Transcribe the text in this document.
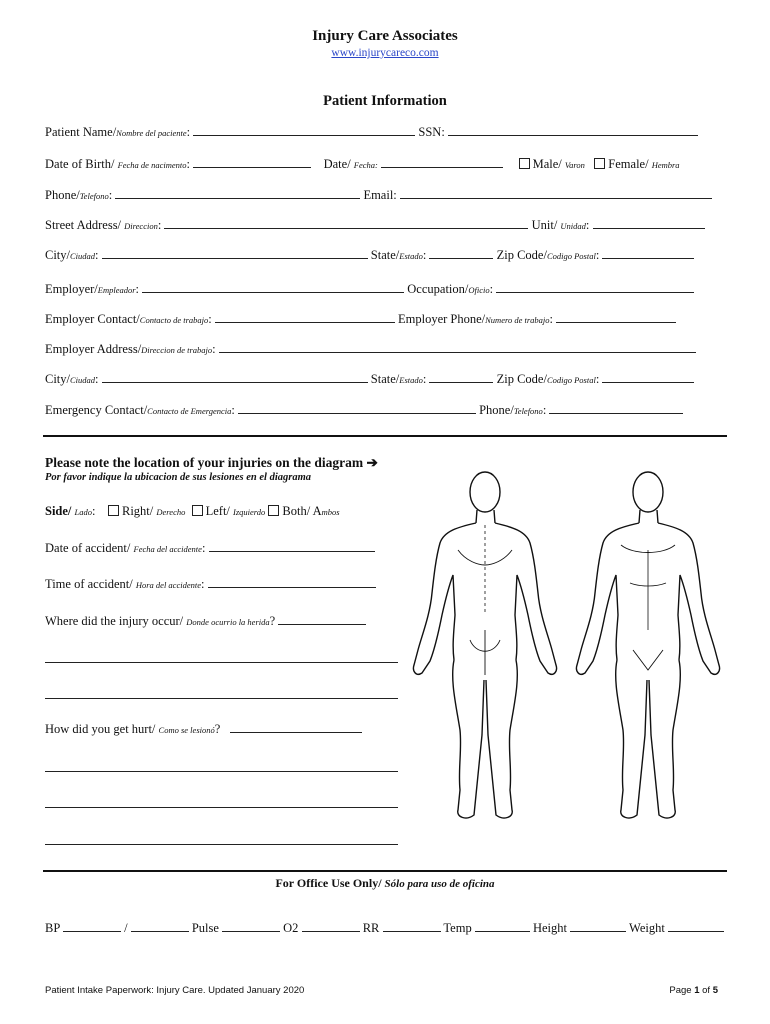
Injury Care Associates
www.injurycareco.com
Patient Information
Patient Name/Nombre del paciente:	SSN:
Date of Birth/ Fecha de nacimento:	Date/ Fecha:	Male/ Varon Female/ Hembra
Phone/Telefono:	Email:
Street Address/ Direccion:	Unit/ Unidad:
City/Ciudad:	State/Estado:	Zip Code/Codigo Postal:
Employer/Empleador:	Occupation/Oficio:
Employer Contact/Contacto de trabajo:	Employer Phone/Numero de trabajo:
Employer Address/Direccion de trabajo:
City/Ciudad:	State/Estado:	Zip Code/Codigo Postal:
Emergency Contact/Contacto de Emergencia:	Phone/Telefono:
Please note the location of your injuries on the diagram ➔
Por favor indique la ubicacion de sus lesiones en el diagrama
Side/ Lado: Right/ Derecho Left/ Izquierdo Both/ Ambos
Date of accident/ Fecha del accidente:
Time of accident/ Hora del accidente:
Where did the injury occur/ Donde ocurrio la herida?
How did you get hurt/ Como se lesionó?
For Office Use Only/ Sólo para uso de oficina
BP	/	Pulse	O2	RR	Temp	Height	Weight
Patient Intake Paperwork: Injury Care. Updated January 2020	Page 1 of 5
